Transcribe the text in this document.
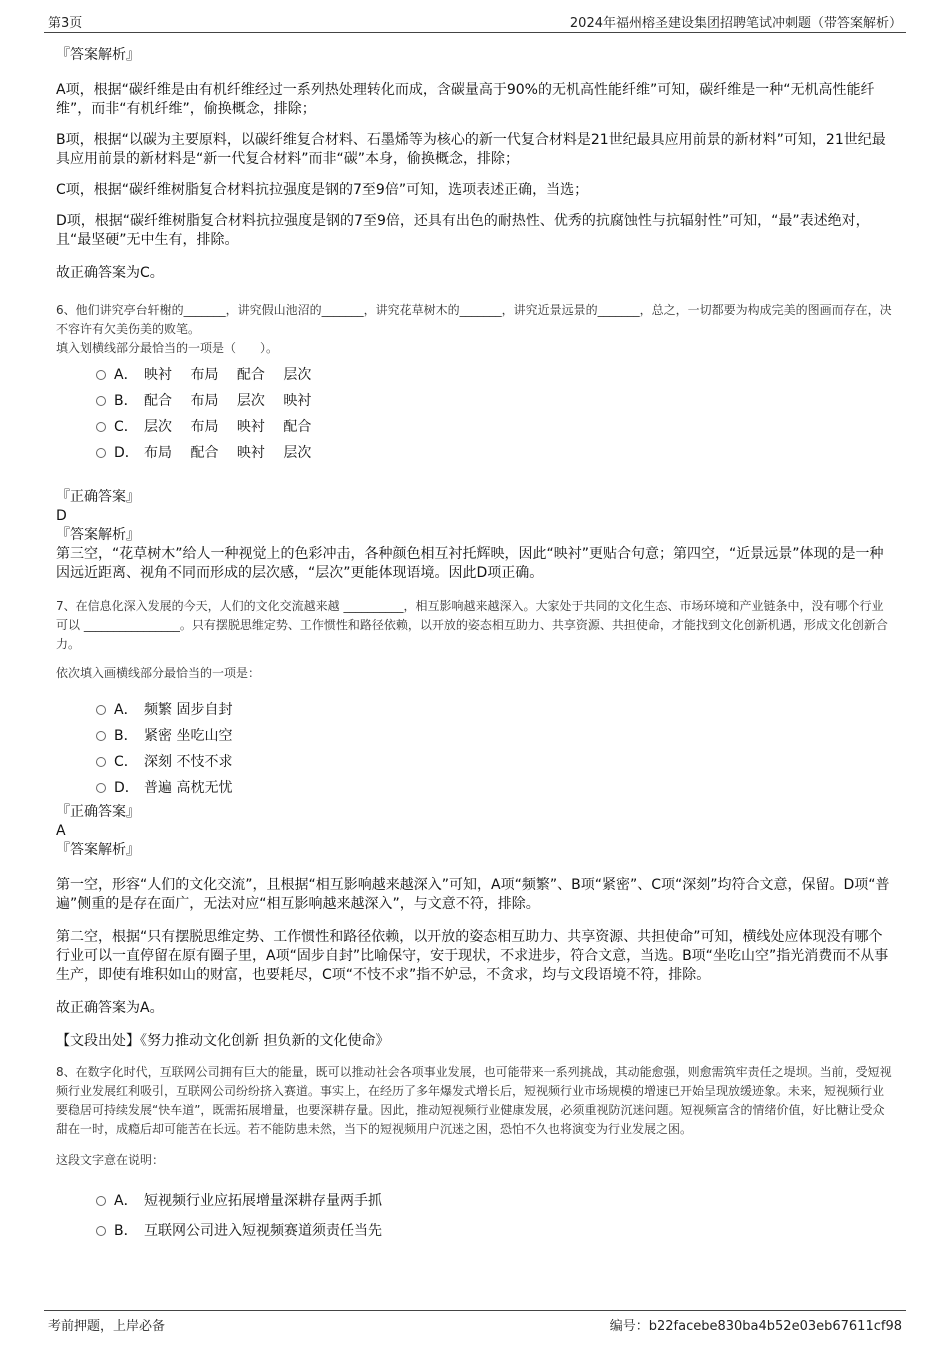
第3页	2024年福州榕圣建设集团招聘笔试冲刺题（带答案解析）

『答案解析』

A项，根据“碳纤维是由有机纤维经过一系列热处理转化而成，含碳量高于90%的无机高性能纤维”可知，碳纤维是一种“无机高性能纤维”，而非“有机纤维”，偷换概念，排除；

B项，根据“以碳为主要原料，以碳纤维复合材料、石墨烯等为核心的新一代复合材料是21世纪最具应用前景的新材料”可知，21世纪最具应用前景的新材料是“新一代复合材料”而非“碳”本身，偷换概念，排除；

C项，根据“碳纤维树脂复合材料抗拉强度是钢的7至9倍”可知，选项表述正确，当选；

D项，根据“碳纤维树脂复合材料抗拉强度是钢的7至9倍，还具有出色的耐热性、优秀的抗腐蚀性与抗辐射性”可知，“最”表述绝对，且“最坚硬”无中生有，排除。

故正确答案为C。

6、他们讲究亭台轩榭的_______，讲究假山池沼的_______，讲究花草树木的_______，讲究近景远景的_______，总之，一切都要为构成完美的图画而存在，决不容许有欠美伤美的败笔。

填入划横线部分最恰当的一项是（　　）。

A． 映衬　 布局　 配合　 层次
B． 配合　 布局　 层次　 映衬
C． 层次　 布局　 映衬　 配合
D． 布局　 配合　 映衬　 层次

『正确答案』

D

『答案解析』

第三空，“花草树木”给人一种视觉上的色彩冲击，各种颜色相互衬托辉映，因此“映衬”更贴合句意；第四空，“近景远景”体现的是一种因远近距离、视角不同而形成的层次感，“层次”更能体现语境。因此D项正确。

7、在信息化深入发展的今天，人们的文化交流越来越 __________，相互影响越来越深入。大家处于共同的文化生态、市场环境和产业链条中，没有哪个行业可以 ________________。只有摆脱思维定势、工作惯性和路径依赖，以开放的姿态相互助力、共享资源、共担使命，才能找到文化创新机遇，形成文化创新合力。

依次填入画横线部分最恰当的一项是：

A． 频繁 固步自封
B． 紧密 坐吃山空
C． 深刻 不忮不求
D． 普遍 高枕无忧

『正确答案』

A

『答案解析』

第一空，形容“人们的文化交流”，且根据“相互影响越来越深入”可知，A项“频繁”、B项“紧密”、C项“深刻”均符合文意，保留。D项“普遍”侧重的是存在面广，无法对应“相互影响越来越深入”，与文意不符，排除。

第二空，根据“只有摆脱思维定势、工作惯性和路径依赖，以开放的姿态相互助力、共享资源、共担使命”可知，横线处应体现没有哪个行业可以一直停留在原有圈子里，A项“固步自封”比喻保守，安于现状，不求进步，符合文意，当选。B项“坐吃山空”指光消费而不从事生产，即使有堆积如山的财富，也要耗尽，C项“不忮不求”指不妒忌，不贪求，均与文段语境不符，排除。

故正确答案为A。

【文段出处】《努力推动文化创新 担负新的文化使命》

8、在数字化时代，互联网公司拥有巨大的能量，既可以推动社会各项事业发展，也可能带来一系列挑战，其动能愈强，则愈需筑牢责任之堤坝。当前，受短视频行业发展红利吸引，互联网公司纷纷挤入赛道。事实上，在经历了多年爆发式增长后，短视频行业市场规模的增速已开始呈现放缓迹象。未来，短视频行业要稳居可持续发展“快车道”，既需拓展增量，也要深耕存量。因此，推动短视频行业健康发展，必须重视防沉迷问题。短视频富含的情绪价值，好比糖让受众甜在一时，成瘾后却可能苦在长远。若不能防患未然，当下的短视频用户沉迷之困，恐怕不久也将演变为行业发展之困。

这段文字意在说明：

A． 短视频行业应拓展增量深耕存量两手抓
B． 互联网公司进入短视频赛道须责任当先
考前押题，上岸必备	编号：b22facebe830ba4b52e03eb67611cf98
